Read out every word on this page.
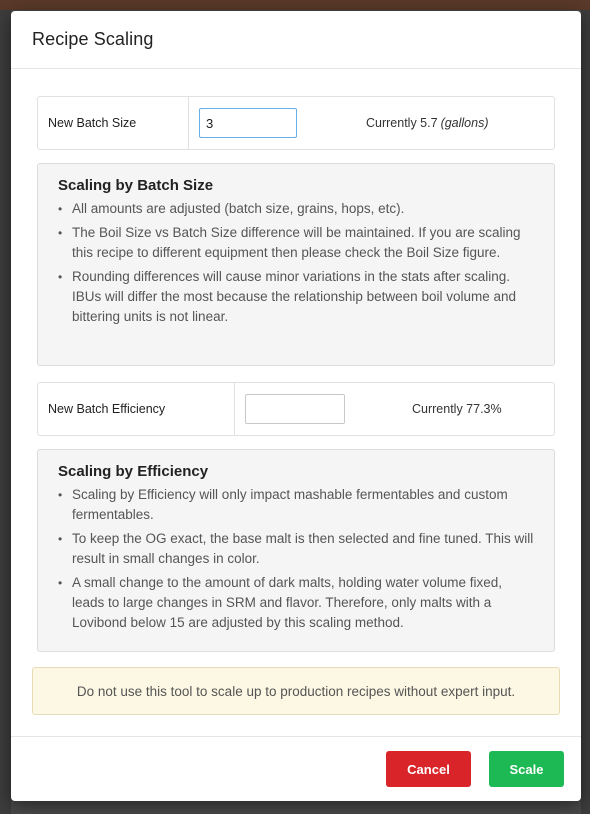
Recipe Scaling
New Batch Size
3	Currently 5.7 (gallons)
Scaling by Batch Size
• All amounts are adjusted (batch size, grains, hops, etc).
• The Boil Size vs Batch Size difference will be maintained. If you are scaling this recipe to different equipment then please check the Boil Size figure.
• Rounding differences will cause minor variations in the stats after scaling. IBUs will differ the most because the relationship between boil volume and bittering units is not linear.
New Batch Efficiency	Currently 77.3%
Scaling by Efficiency
• Scaling by Efficiency will only impact mashable fermentables and custom fermentables.
• To keep the OG exact, the base malt is then selected and fine tuned. This will result in small changes in color.
• A small change to the amount of dark malts, holding water volume fixed, leads to large changes in SRM and flavor. Therefore, only malts with a Lovibond below 15 are adjusted by this scaling method.
Do not use this tool to scale up to production recipes without expert input.
Cancel	Scale
